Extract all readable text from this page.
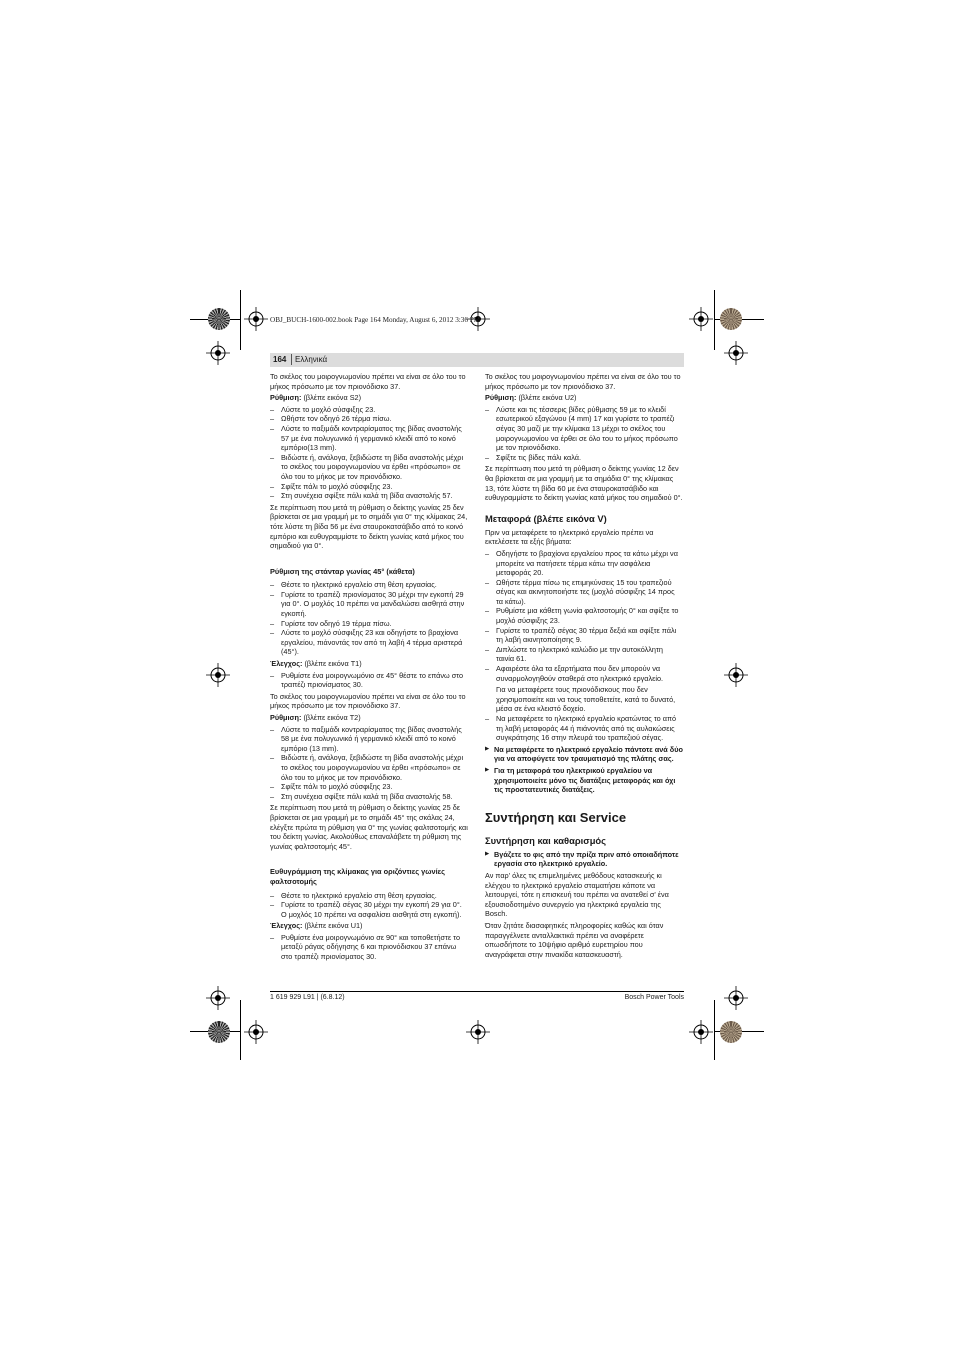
OBJ_BUCH-1600-002.book Page 164 Monday, August 6, 2012 3:36 PM
164 Ελληνικά

Το σκέλος του μοιρογνωμονίου πρέπει να είναι σε όλο του το μήκος πρόσωπο με τον πριονόδισκο 37.

Ρύθμιση: (βλέπε εικόνα S2)

– Λύστε το μοχλό σύσφιξης 23.
– Ωθήστε τον οδηγό 26 τέρμα πίσω.
– Λύστε το παξιμάδι κοντραρίσματος της βίδας αναστολής 57 με ένα πολυγωνικό ή γερμανικό κλειδί από το κοινό εμπόριο(13 mm).
– Βιδώστε ή, ανάλογα, ξεβιδώστε τη βίδα αναστολής μέχρι το σκέλος του μοιρογνωμονίου να έρθει «πρόσωπο» σε όλο του το μήκος με τον πριονόδισκο.
– Σφίξτε πάλι το μοχλό σύσφιξης 23.
– Στη συνέχεια σφίξτε πάλι καλά τη βίδα αναστολής 57.

Σε περίπτωση που μετά τη ρύθμιση ο δείκτης γωνίας 25 δεν βρίσκεται σε μια γραμμή με το σημάδι για 0° της κλίμακας 24, τότε λύστε τη βίδα 56 με ένα σταυροκατσάβιδο από το κοινό εμπόριο και ευθυγραμμίστε το δείκτη γωνίας κατά μήκος του σημαδιού για 0°.

Ρύθμιση της στάνταρ γωνίας 45° (κάθετα)
– Θέστε το ηλεκτρικό εργαλείο στη θέση εργασίας.
– Γυρίστε το τραπέζι πριονίσματος 30 μέχρι την εγκοπή 29 για 0°. Ο μοχλός 10 πρέπει να μανδαλώσει αισθητά στην εγκοπή.
– Γυρίστε τον οδηγό 19 τέρμα πίσω.
– Λύστε το μοχλό σύσφιξης 23 και οδηγήστε το βραχίονα εργαλείου, πιάνοντάς τον από τη λαβή 4 τέρμα αριστερά (45°).

Έλεγχος: (βλέπε εικόνα T1)

– Ρυθμίστε ένα μοιρογνωμόνιο σε 45° θέστε το επάνω στο τραπέζι πριονίσματος 30.

Το σκέλος του μοιρογνωμονίου πρέπει να είναι σε όλο του το μήκος πρόσωπο με τον πριονόδισκο 37.

Ρύθμιση: (βλέπε εικόνα T2)

– Λύστε το παξιμάδι κοντραρίσματος της βίδας αναστολής 58 με ένα πολυγωνικό ή γερμανικό κλειδί από το κοινό εμπόριο (13 mm).
– Βιδώστε ή, ανάλογα, ξεβιδώστε τη βίδα αναστολής μέχρι το σκέλος του μοιρογνωμονίου να έρθει «πρόσωπο» σε όλο του το μήκος με τον πριονόδισκο.
– Σφίξτε πάλι το μοχλό σύσφιξης 23.
– Στη συνέχεια σφίξτε πάλι καλά τη βίδα αναστολής 58.

Σε περίπτωση που μετά τη ρύθμιση ο δείκτης γωνίας 25 δε βρίσκεται σε μια γραμμή με το σημάδι 45° της σκάλας 24, ελέγξτε πρώτα τη ρύθμιση για 0° της γωνίας φαλτσοτομής και του δείκτη γωνίας. Ακολούθως επαναλάβετε τη ρύθμιση της γωνίας φαλτσοτομής 45°.

Ευθυγράμμιση της κλίμακας για οριζόντιες γωνίες φαλτσοτομής
– Θέστε το ηλεκτρικό εργαλείο στη θέση εργασίας.
– Γυρίστε το τραπέζι σέγας 30 μέχρι την εγκοπή 29 για 0°. Ο μοχλός 10 πρέπει να ασφαλίσει αισθητά στη εγκοπή).

Έλεγχος: (βλέπε εικόνα U1)

– Ρυθμίστε ένα μοιρογνωμόνιο σε 90° και τοποθετήστε το μεταξύ ράγας οδήγησης 6 και πριονόδισκου 37 επάνω στο τραπέζι πριονίσματος 30.

Το σκέλος του μοιρογνωμονίου πρέπει να είναι σε όλο του το μήκος πρόσωπο με τον πριονόδισκο 37.

Ρύθμιση: (βλέπε εικόνα U2)

– Λύστε και τις τέσσερις βίδες ρύθμισης 59 με το κλειδί εσωτερικού εξαγώνου (4 mm) 17 και γυρίστε το τραπέζι σέγας 30 μαζί με την κλίμακα 13 μέχρι το σκέλος του μοιρογνωμονίου να έρθει σε όλο του το μήκος πρόσωπο με τον πριονόδισκο.
– Σφίξτε τις βίδες πάλι καλά.

Σε περίπτωση που μετά τη ρύθμιση ο δείκτης γωνίας 12 δεν θα βρίσκεται σε μια γραμμή με τα σημάδια 0° της κλίμακας 13, τότε λύστε τη βίδα 60 με ένα σταυροκατσάβιδο και ευθυγραμμίστε το δείκτη γωνίας κατά μήκος του σημαδιού 0°.

Μεταφορά (βλέπε εικόνα V)

Πριν να μεταφέρετε το ηλεκτρικό εργαλείο πρέπει να εκτελέσετε τα εξής βήματα:

– Οδηγήστε το βραχίονα εργαλείου προς τα κάτω μέχρι να μπορείτε να πατήσετε τέρμα κάτω την ασφάλεια μεταφοράς 20.
– Ωθήστε τέρμα πίσω τις επιμηκύνσεις 15 του τραπεζιού σέγας και ακινητοποιήστε τες (μοχλό σύσφιξης 14 προς τα κάτω).
– Ρυθμίστε μια κάθετη γωνία φαλτσοτομής 0° και σφίξτε το μοχλό σύσφιξης 23.
– Γυρίστε το τραπέζι σέγας 30 τέρμα δεξιά και σφίξτε πάλι τη λαβή ακινητοποίησης 9.
– Διπλώστε το ηλεκτρικό καλώδιο με την αυτοκόλλητη ταινία 61.
– Αφαιρέστε όλα τα εξαρτήματα που δεν μπορούν να συναρμολογηθούν σταθερά στο ηλεκτρικό εργαλείο.

Για να μεταφέρετε τους πριονόδισκους που δεν χρησιμοποιείτε και να τους τοποθετείτε, κατά το δυνατό, μέσα σε ένα κλειστό δοχείο.

– Να μεταφέρετε το ηλεκτρικό εργαλείο κρατώντας το από τη λαβή μεταφοράς 44 ή πιάνοντάς από τις αυλακώσεις συγκράτησης 16 στην πλευρά του τραπεζιού σέγας.

▶ Να μεταφέρετε το ηλεκτρικό εργαλείο πάντοτε ανά δύο για να αποφύγετε τον τραυματισμό της πλάτης σας.

▶ Για τη μεταφορά του ηλεκτρικού εργαλείου να χρησιμοποιείτε μόνο τις διατάξεις μεταφοράς και όχι τις προστατευτικές διατάξεις.

Συντήρηση και Service
Συντήρηση και καθαρισμός

▶ Βγάζετε το φις από την πρίζα πριν από οποιαδήποτε εργασία στο ηλεκτρικό εργαλείο.

Αν παρ' όλες τις επιμελημένες μεθόδους κατασκευής κι ελέγχου το ηλεκτρικό εργαλείο σταματήσει κάποτε να λειτουργεί, τότε η επισκευή του πρέπει να ανατεθεί σ' ένα εξουσιοδοτημένο συνεργείο για ηλεκτρικά εργαλεία της Bosch.

Όταν ζητάτε διασαφητικές πληροφορίες καθώς και όταν παραγγέλνετε ανταλλακτικά πρέπει να αναφέρετε οπωσδήποτε το 10ψήφιο αριθμό ευρετηρίου που αναγράφεται στην πινακίδα κατασκευαστή.

1 619 929 L91 | (6.8.12)	Bosch Power Tools
